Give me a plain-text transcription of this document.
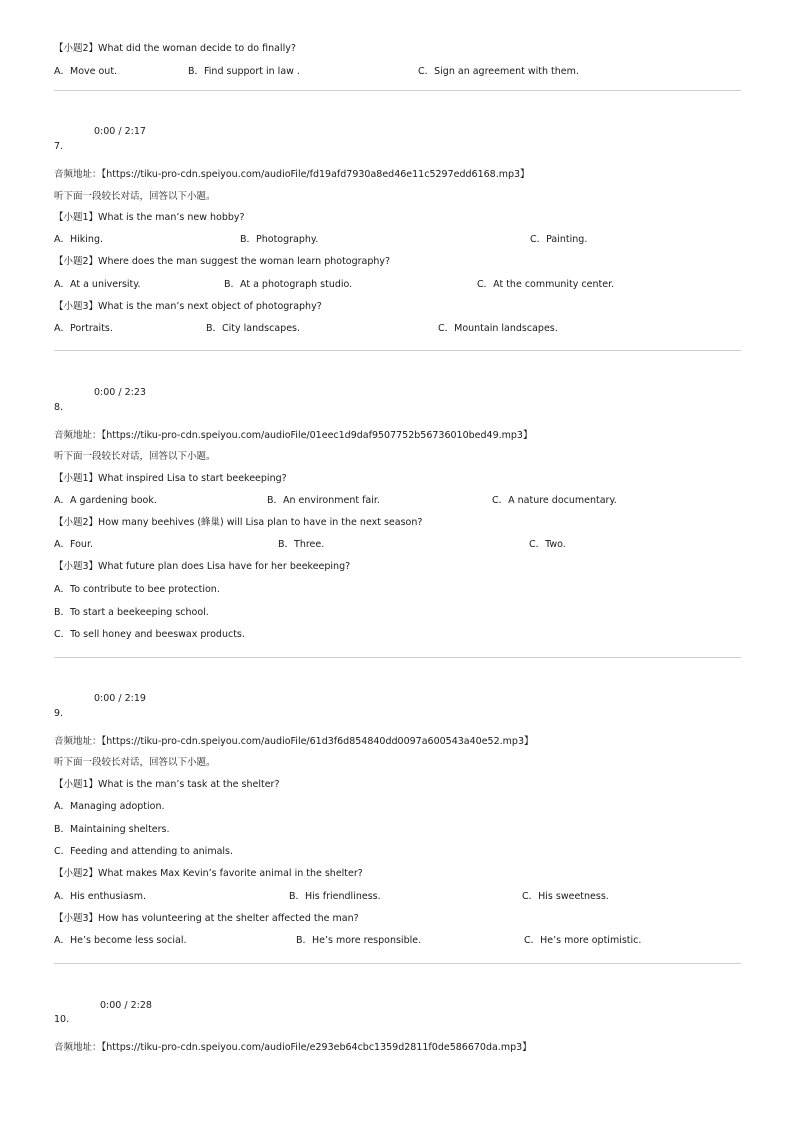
【小题2】What did the woman decide to do finally?
A．Move out.	B．Find support in law .	C．Sign an agreement with them.
0:00 / 2:17
7.
音频地址：【https://tiku-pro-cdn.speiyou.com/audioFile/fd19afd7930a8ed46e11c5297edd6168.mp3】
听下面一段较长对话，回答以下小题。
【小题1】What is the man’s new hobby?
A．Hiking.	B．Photography.	C．Painting.
【小题2】Where does the man suggest the woman learn photography?
A．At a university.	B．At a photograph studio.	C．At the community center.
【小题3】What is the man’s next object of photography?
A．Portraits.	B．City landscapes.	C．Mountain landscapes.
0:00 / 2:23
8.
音频地址：【https://tiku-pro-cdn.speiyou.com/audioFile/01eec1d9daf9507752b56736010bed49.mp3】
听下面一段较长对话，回答以下小题。
【小题1】What inspired Lisa to start beekeeping?
A．A gardening book.	B．An environment fair.	C．A nature documentary.
【小题2】How many beehives (蜂巢) will Lisa plan to have in the next season?
A．Four.	B．Three.	C．Two.
【小题3】What future plan does Lisa have for her beekeeping?
A．To contribute to bee protection.
B．To start a beekeeping school.
C．To sell honey and beeswax products.
0:00 / 2:19
9.
音频地址：【https://tiku-pro-cdn.speiyou.com/audioFile/61d3f6d854840dd0097a600543a40e52.mp3】
听下面一段较长对话，回答以下小题。
【小题1】What is the man’s task at the shelter?
A．Managing adoption.
B．Maintaining shelters.
C．Feeding and attending to animals.
【小题2】What makes Max Kevin’s favorite animal in the shelter?
A．His enthusiasm.	B．His friendliness.	C．His sweetness.
【小题3】How has volunteering at the shelter affected the man?
A．He’s become less social.	B．He’s more responsible.	C．He’s more optimistic.
0:00 / 2:28
10.
音频地址：【https://tiku-pro-cdn.speiyou.com/audioFile/e293eb64cbc1359d2811f0de586670da.mp3】
